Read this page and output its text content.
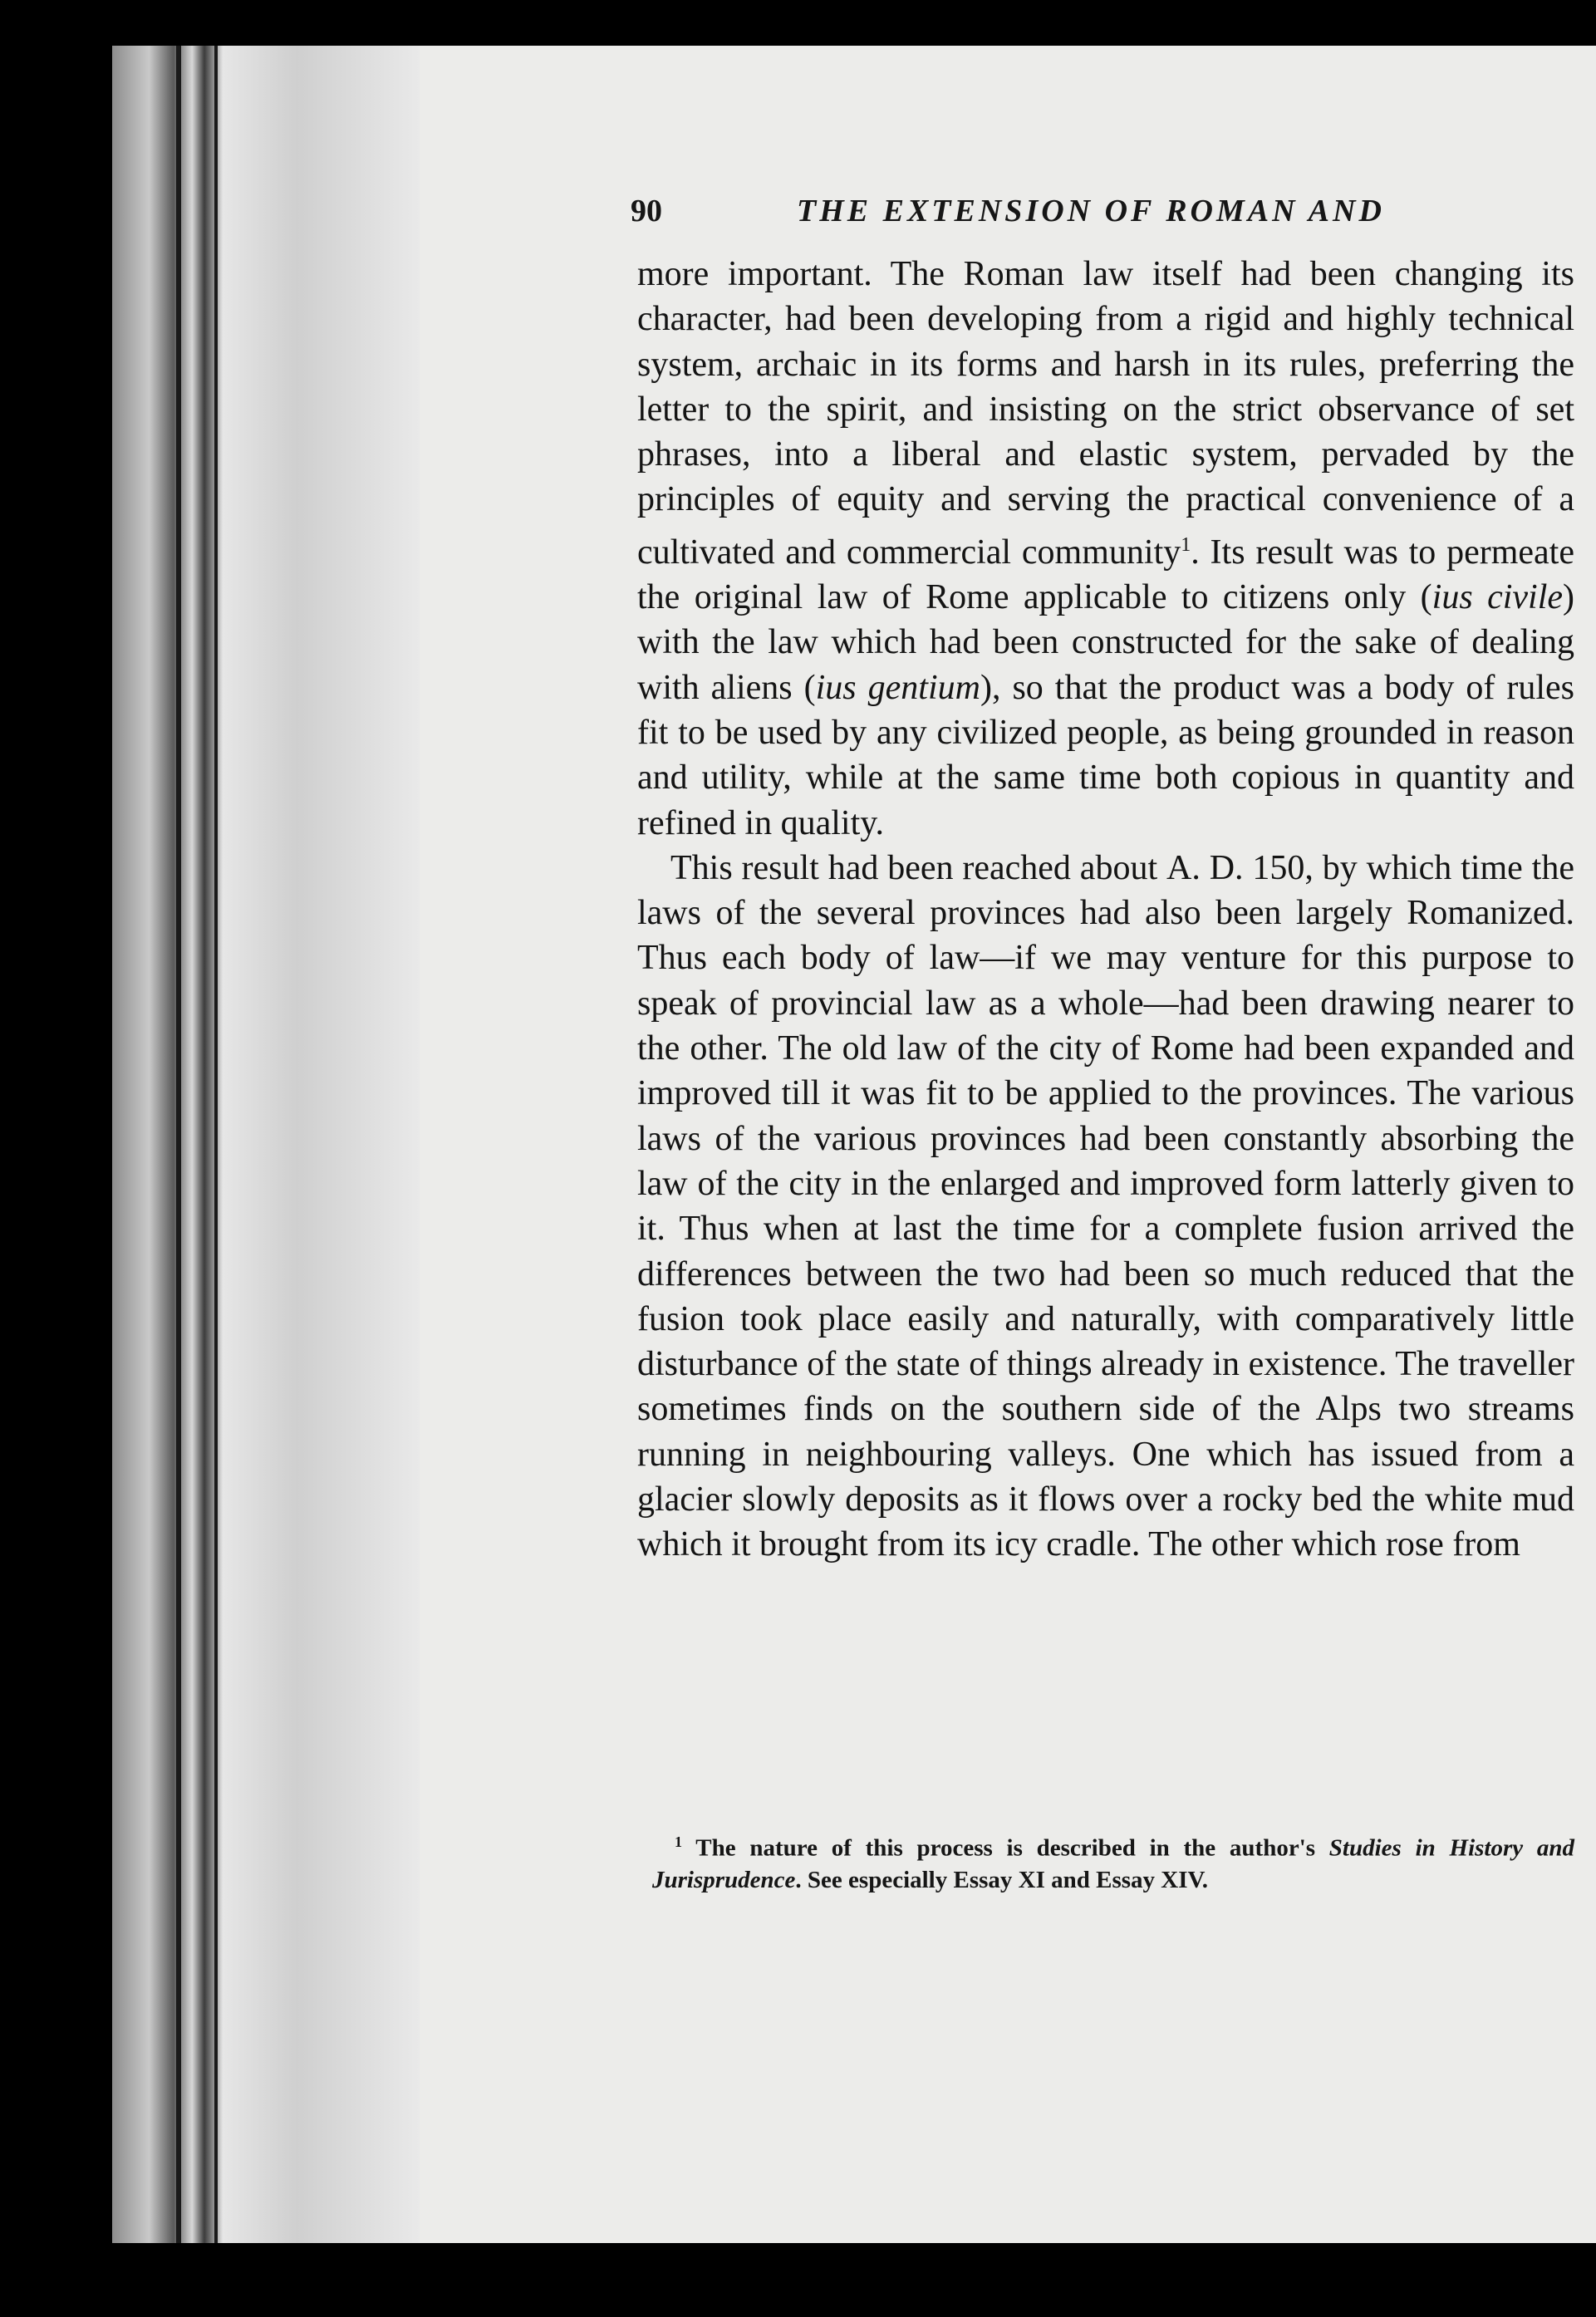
90	THE EXTENSION OF ROMAN AND

more important. The Roman law itself had been changing its character, had been developing from a rigid and highly technical system, archaic in its forms and harsh in its rules, preferring the letter to the spirit, and insisting on the strict observance of set phrases, into a liberal and elastic system, pervaded by the principles of equity and serving the practical convenience of a cultivated and commercial community$^1$. Its result was to permeate the original law of Rome applicable to citizens only (ius civile) with the law which had been constructed for the sake of dealing with aliens (ius gentium), so that the product was a body of rules fit to be used by any civilized people, as being grounded in reason and utility, while at the same time both copious in quantity and refined in quality.

This result had been reached about A. D. 150, by which time the laws of the several provinces had also been largely Romanized. Thus each body of law—if we may venture for this purpose to speak of provincial law as a whole—had been drawing nearer to the other. The old law of the city of Rome had been expanded and improved till it was fit to be applied to the provinces. The various laws of the various provinces had been constantly absorbing the law of the city in the enlarged and improved form latterly given to it. Thus when at last the time for a complete fusion arrived the differences between the two had been so much reduced that the fusion took place easily and naturally, with comparatively little disturbance of the state of things already in existence. The traveller sometimes finds on the southern side of the Alps two streams running in neighbouring valleys. One which has issued from a glacier slowly deposits as it flows over a rocky bed the white mud which it brought from its icy cradle. The other which rose from

$^1$ The nature of this process is described in the author's Studies in History and Jurisprudence. See especially Essay XI and Essay XIV.
